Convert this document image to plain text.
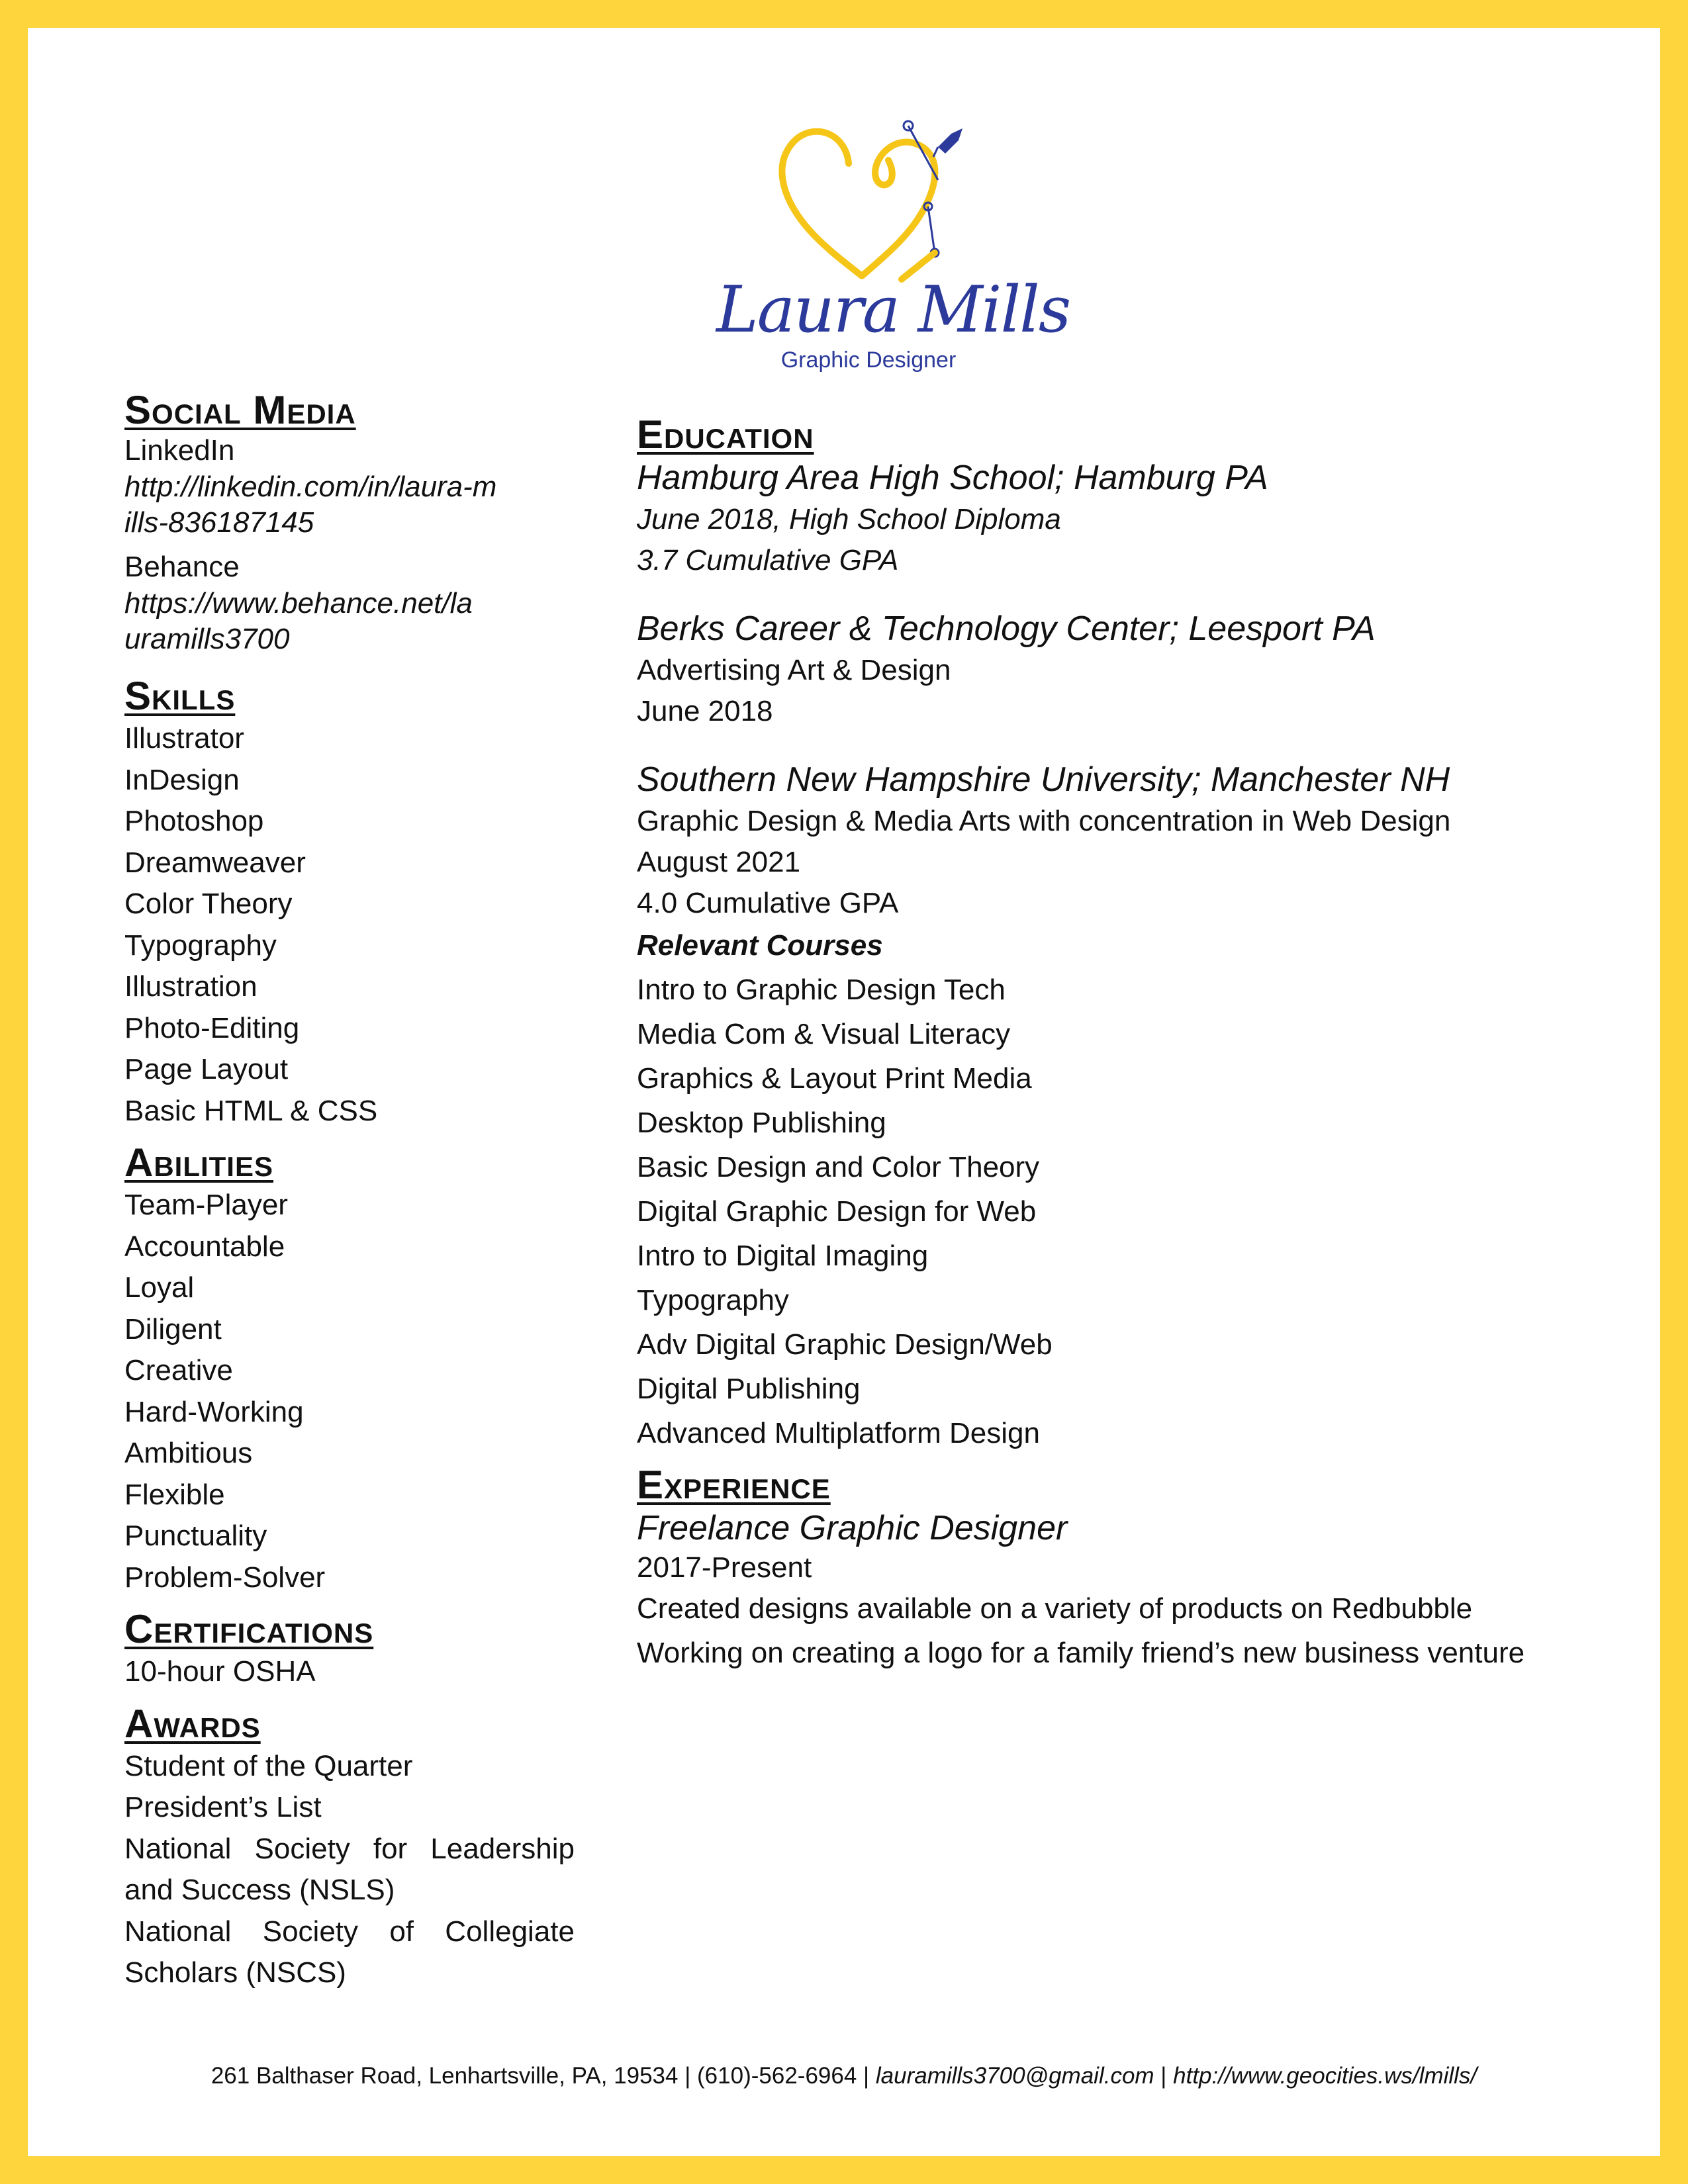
Laura Mills
Graphic Designer
Social Media
LinkedIn
http://linkedin.com/in/laura-mills-836187145
Behance
https://www.behance.net/lauramills3700
Skills
Illustrator
InDesign
Photoshop
Dreamweaver
Color Theory
Typography
Illustration
Photo-Editing
Page Layout
Basic HTML & CSS
Abilities
Team-Player
Accountable
Loyal
Diligent
Creative
Hard-Working
Ambitious
Flexible
Punctuality
Problem-Solver
Certifications
10-hour OSHA
Awards
Student of the Quarter
President’s List
National Society for Leadership and Success (NSLS)
National Society of Collegiate Scholars (NSCS)
Education
Hamburg Area High School; Hamburg PA
June 2018, High School Diploma
3.7 Cumulative GPA
Berks Career & Technology Center; Leesport PA
Advertising Art & Design
June 2018
Southern New Hampshire University; Manchester NH
Graphic Design & Media Arts with concentration in Web Design
August 2021
4.0 Cumulative GPA
Relevant Courses
Intro to Graphic Design Tech
Media Com & Visual Literacy
Graphics & Layout Print Media
Desktop Publishing
Basic Design and Color Theory
Digital Graphic Design for Web
Intro to Digital Imaging
Typography
Adv Digital Graphic Design/Web
Digital Publishing
Advanced Multiplatform Design
Experience
Freelance Graphic Designer
2017-Present
Created designs available on a variety of products on Redbubble
Working on creating a logo for a family friend’s new business venture
261 Balthaser Road, Lenhartsville, PA, 19534 | (610)-562-6964 | lauramills3700@gmail.com | http://www.geocities.ws/lmills/
